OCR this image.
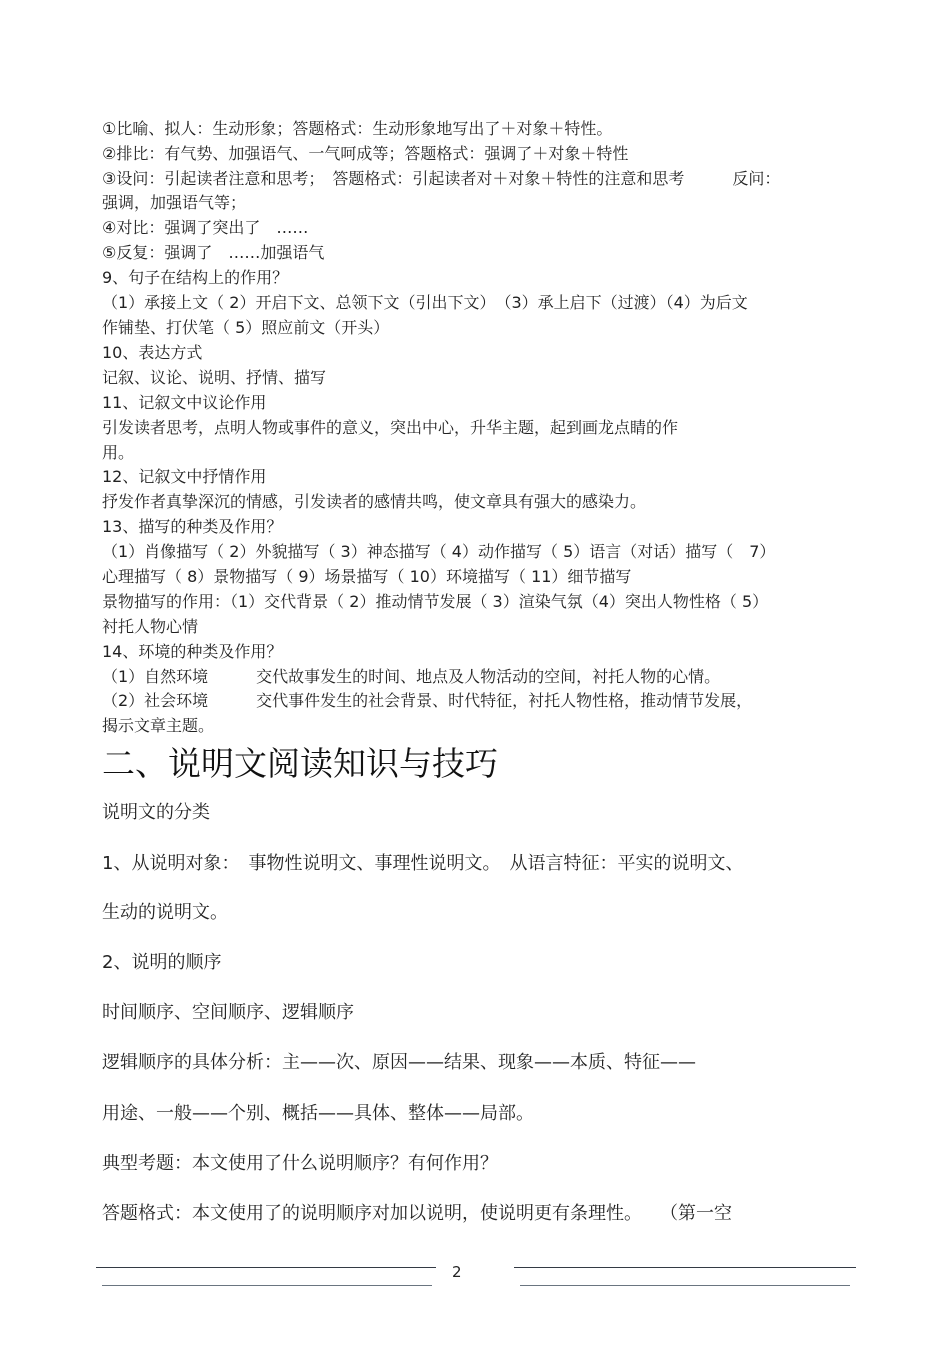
①比喻、拟人：生动形象；答题格式：生动形象地写出了＋对象＋特性。
②排比：有气势、加强语气、一气呵成等；答题格式：强调了＋对象＋特性
③设问：引起读者注意和思考；　答题格式：引起读者对＋对象＋特性的注意和思考　　　反问：
强调，加强语气等；
④对比：强调了突出了　……
⑤反复：强调了　……加强语气
9、句子在结构上的作用？
（1）承接上文（ 2）开启下文、总领下文（引出下文）　（3）承上启下（过渡）（4）为后文
作铺垫、打伏笔（ 5）照应前文（开头）
10、表达方式
记叙、议论、说明、抒情、描写
11、记叙文中议论作用
引发读者思考，点明人物或事件的意义，突出中心，升华主题，起到画龙点睛的作
用。
12、记叙文中抒情作用
抒发作者真挚深沉的情感，引发读者的感情共鸣，使文章具有强大的感染力。
13、描写的种类及作用？
（1）肖像描写（ 2）外貌描写（ 3）神态描写（ 4）动作描写（ 5）语言（对话）描写（　7）
心理描写（ 8）景物描写（ 9）场景描写（ 10）环境描写（ 11）细节描写
景物描写的作用：（1）交代背景（ 2）推动情节发展（ 3）渲染气氛（4）突出人物性格（ 5）
衬托人物心情
14、环境的种类及作用？
（1）自然环境　　　交代故事发生的时间、地点及人物活动的空间，衬托人物的心情。
（2）社会环境　　　交代事件发生的社会背景、时代特征，衬托人物性格，推动情节发展，
揭示文章主题。
二、说明文阅读知识与技巧
说明文的分类
1、从说明对象：　事物性说明文、事理性说明文。　从语言特征：平实的说明文、
生动的说明文。
2、说明的顺序
时间顺序、空间顺序、逻辑顺序
逻辑顺序的具体分析：主——次、原因——结果、现象——本质、特征——
用途、一般——个别、概括——具体、整体——局部。
典型考题：本文使用了什么说明顺序？有何作用？
答题格式：本文使用了的说明顺序对加以说明，使说明更有条理性。　　（第一空
2
